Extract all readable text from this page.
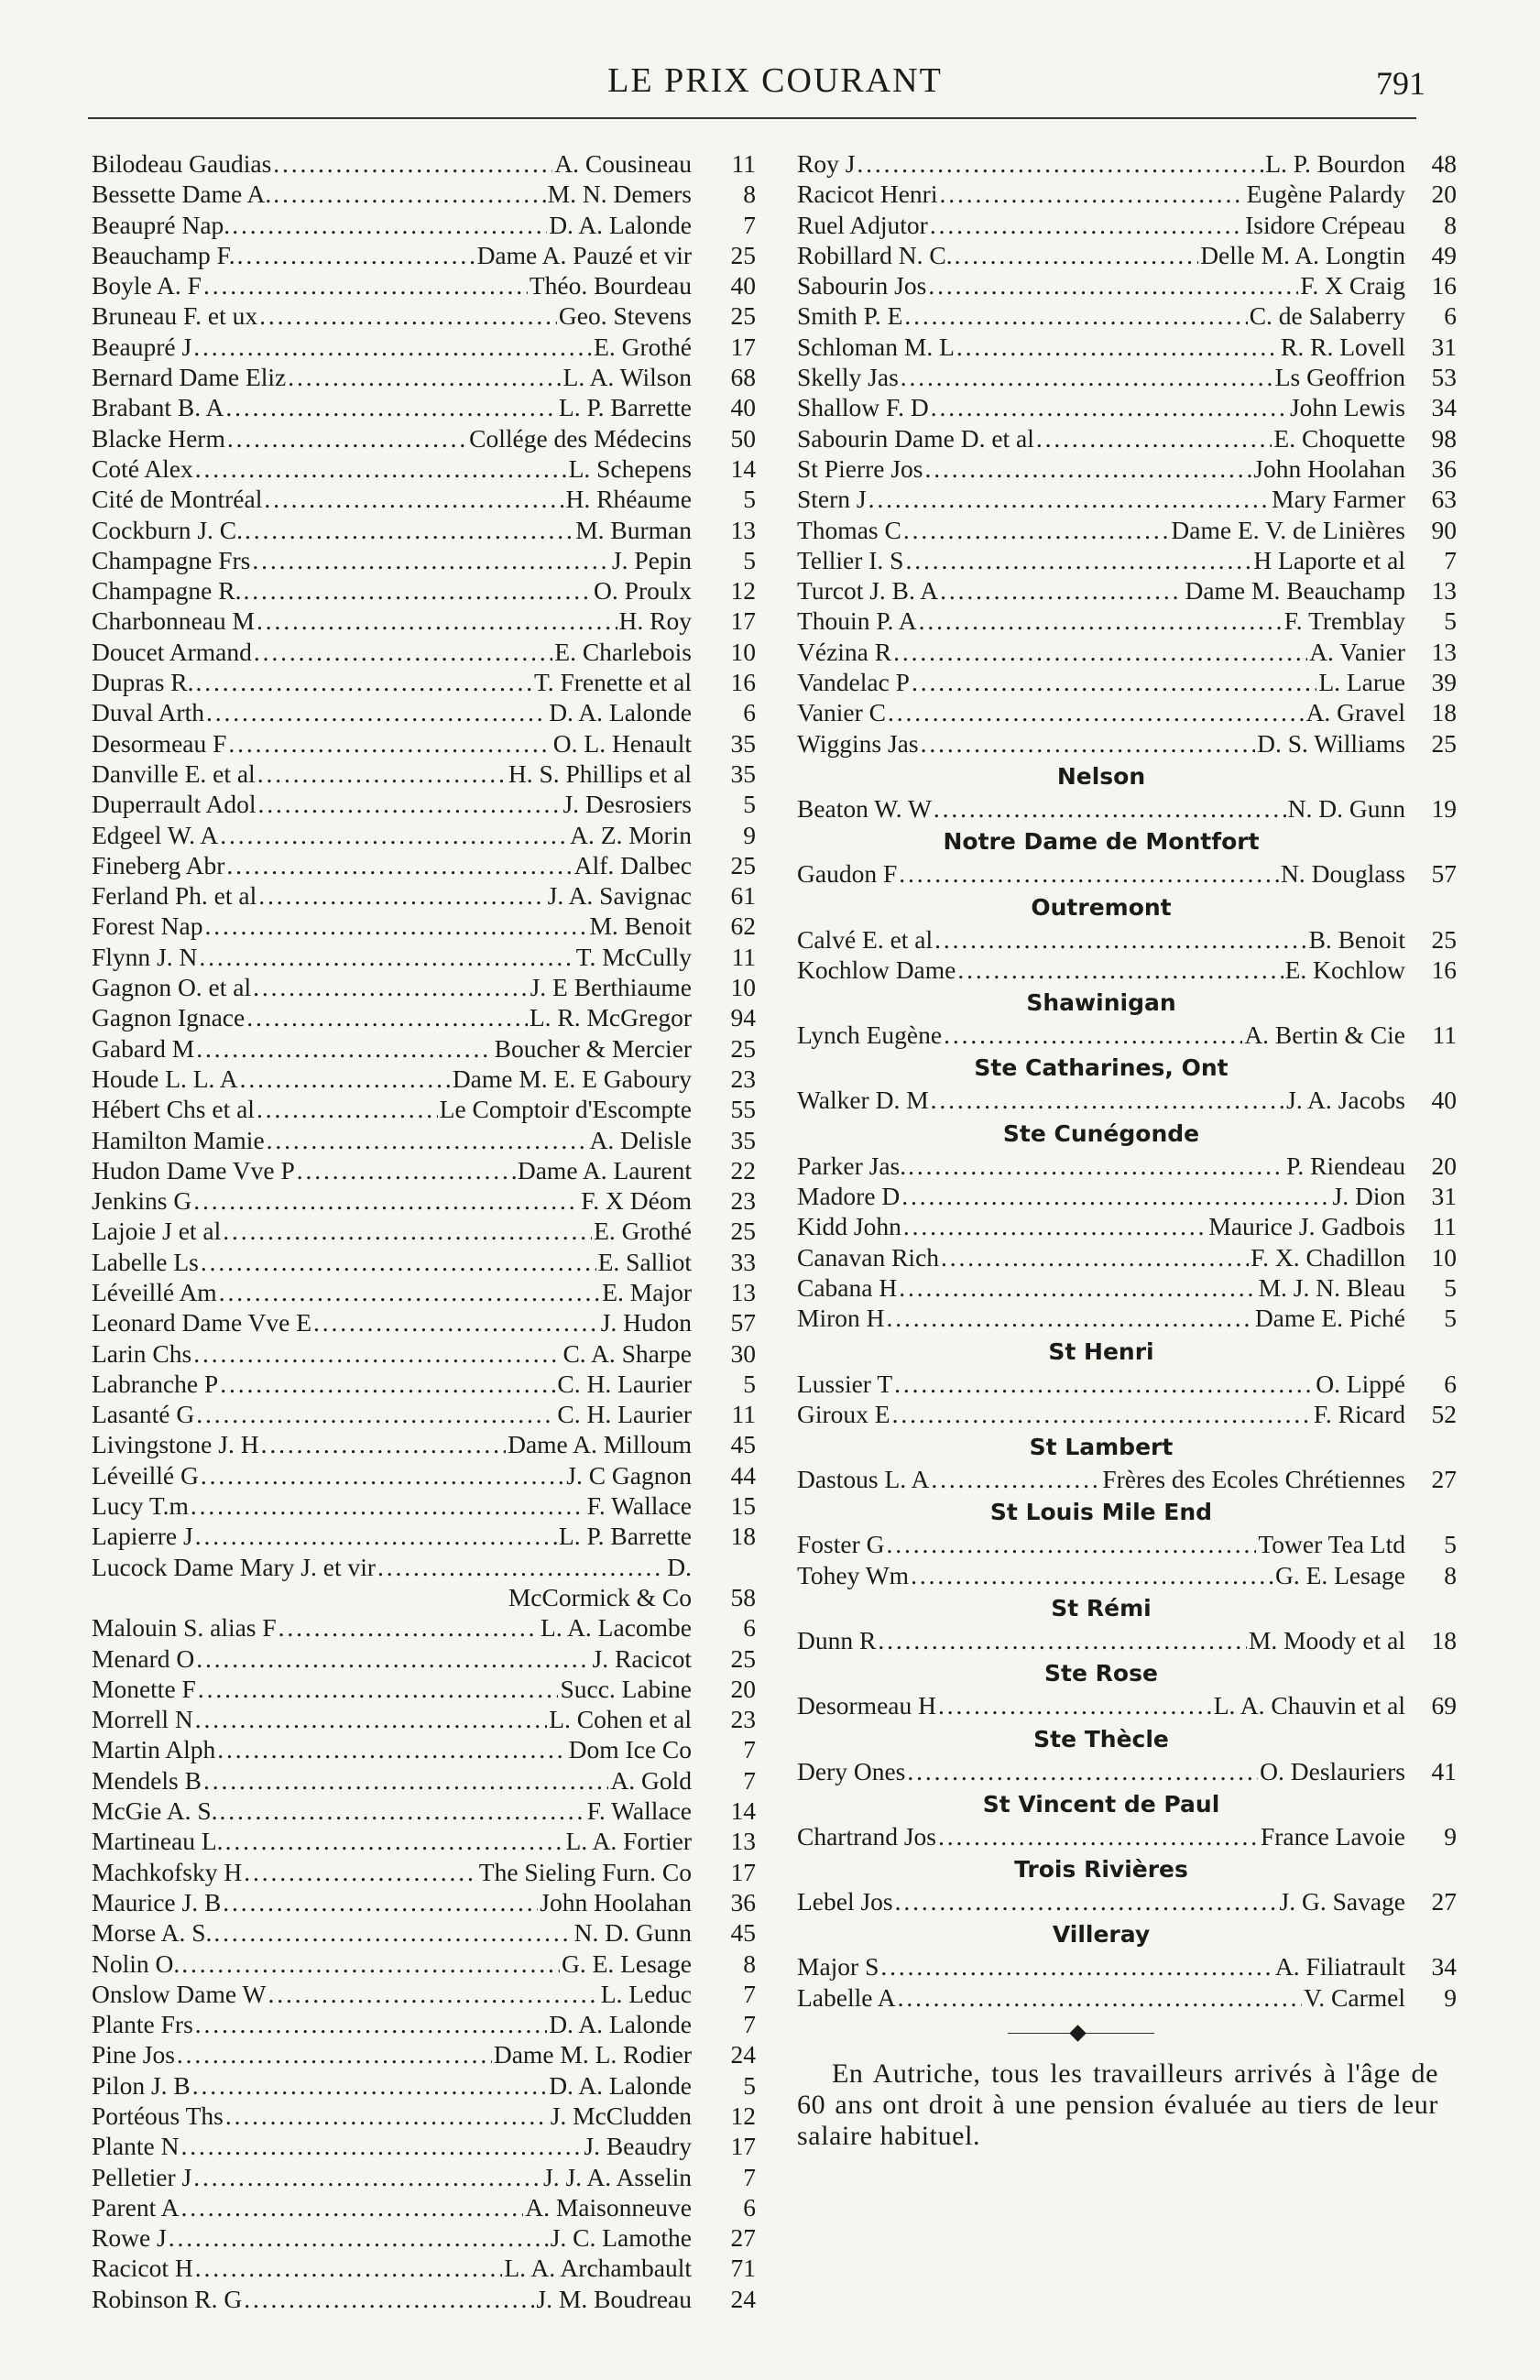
LE PRIX COURANT	791
Bilodeau Gaudias . . .	A. Cousineau	11
Bessette Dame A. . . .	M. N. Demers	8
Beaupré Nap. . . .	D. A. Lalonde	7
Beauchamp F. . . .	Dame A. Pauzé et vir	25
Boyle A. F . . .	Théo. Bourdeau	40
Bruneau F. et ux . . .	Geo. Stevens	25
Beaupré J . . .	E. Grothé	17
Bernard Dame Eliz . . .	L. A. Wilson	68
Brabant B. A . . .	L. P. Barrette	40
Blacke Herm . . .	Collége des Médecins	50
Coté Alex . . .	L. Schepens	14
Cité de Montréal . . .	H. Rhéaume	5
Cockburn J. C. . . .	M. Burman	13
Champagne Frs . . .	J. Pepin	5
Champagne R. . . .	O. Proulx	12
Charbonneau M . . .	H. Roy	17
Doucet Armand . . .	E. Charlebois	10
Dupras R. . . .	T. Frenette et al	16
Duval Arth . . .	D. A. Lalonde	6
Desormeau F . . .	O. L. Henault	35
Danville E. et al . . .	H. S. Phillips et al	35
Duperrault Adol . . .	J. Desrosiers	5
Edgeel W. A . . .	A. Z. Morin	9
Fineberg Abr . . .	Alf. Dalbec	25
Ferland Ph. et al . . .	J. A. Savignac	61
Forest Nap . . .	M. Benoit	62
Flynn J. N . . .	T. McCully	11
Gagnon O. et al . . .	J. E Berthiaume	10
Gagnon Ignace . . .	L. R. McGregor	94
Gabard M . . .	Boucher & Mercier	25
Houde L. L. A . . .	Dame M. E. E Gaboury	23
Hébert Chs et al . . .	Le Comptoir d'Escompte	55
Hamilton Mamie . . .	A. Delisle	35
Hudon Dame Vve P . . .	Dame A. Laurent	22
Jenkins G . . .	F. X Déom	23
Lajoie J et al . . .	E. Grothé	25
Labelle Ls . . .	E. Salliot	33
Léveillé Am . . .	E. Major	13
Leonard Dame Vve E . . .	J. Hudon	57
Larin Chs . . .	C. A. Sharpe	30
Labranche P . . .	C. H. Laurier	5
Lasanté G . . .	C. H. Laurier	11
Livingstone J. H . . .	Dame A. Milloum	45
Léveillé G . . .	J. C Gagnon	44
Lucy T.m . . .	F. Wallace	15
Lapierre J . . .	L. P. Barrette	18
Lucock Dame Mary J. et vir . . .	D.
McCormick & Co	58
Malouin S. alias F . . .	L. A. Lacombe	6
Menard O . . .	J. Racicot	25
Monette F . . .	Succ. Labine	20
Morrell N . . .	L. Cohen et al	23
Martin Alph . . .	Dom Ice Co	7
Mendels B . . .	A. Gold	7
McGie A. S. . . .	F. Wallace	14
Martineau L. . . .	L. A. Fortier	13
Machkofsky H . . .	The Sieling Furn. Co	17
Maurice J. B . . .	John Hoolahan	36
Morse A. S. . . .	N. D. Gunn	45
Nolin O. . . .	G. E. Lesage	8
Onslow Dame W . . .	L. Leduc	7
Plante Frs . . .	D. A. Lalonde	7
Pine Jos . . .	Dame M. L. Rodier	24
Pilon J. B . . .	D. A. Lalonde	5
Portéous Ths . . .	J. McCludden	12
Plante N . . .	J. Beaudry	17
Pelletier J . . .	J. J. A. Asselin	7
Parent A . . .	A. Maisonneuve	6
Rowe J . . .	J. C. Lamothe	27
Racicot H . . .	L. A. Archambault	71
Robinson R. G . . .	J. M. Boudreau	24
Roy J . . .	L. P. Bourdon	48
Racicot Henri . . .	Eugène Palardy	20
Ruel Adjutor . . .	Isidore Crépeau	8
Robillard N. C. . . .	Delle M. A. Longtin	49
Sabourin Jos . . .	F. X Craig	16
Smith P. E . . .	C. de Salaberry	6
Schloman M. L . . .	R. R. Lovell	31
Skelly Jas . . .	Ls Geoffrion	53
Shallow F. D . . .	John Lewis	34
Sabourin Dame D. et al . . .	E. Choquette	98
St Pierre Jos . . .	John Hoolahan	36
Stern J . . .	Mary Farmer	63
Thomas C . . .	Dame E. V. de Linières	90
Tellier I. S . . .	H Laporte et al	7
Turcot J. B. A . . .	Dame M. Beauchamp	13
Thouin P. A . . .	F. Tremblay	5
Vézina R . . .	A. Vanier	13
Vandelac P . . .	L. Larue	39
Vanier C . . .	A. Gravel	18
Wiggins Jas . . .	D. S. Williams	25
Nelson
Beaton W. W . . .	N. D. Gunn	19
Notre Dame de Montfort
Gaudon F . . .	N. Douglass	57
Outremont
Calvé E. et al . . .	B. Benoit	25
Kochlow Dame . . .	E. Kochlow	16
Shawinigan
Lynch Eugène . . .	A. Bertin & Cie	11
Ste Catharines, Ont
Walker D. M . . .	J. A. Jacobs	40
Ste Cunégonde
Parker Jas. . . .	P. Riendeau	20
Madore D . . .	J. Dion	31
Kidd John . . .	Maurice J. Gadbois	11
Canavan Rich . . .	F. X. Chadillon	10
Cabana H . . .	M. J. N. Bleau	5
Miron H . . .	Dame E. Piché	5
St Henri
Lussier T . . .	O. Lippé	6
Giroux E . . .	F. Ricard	52
St Lambert
Dastous L. A . . .	Frères des Ecoles Chrétiennes	27
St Louis Mile End
Foster G . . .	Tower Tea Ltd	5
Tohey Wm . . .	G. E. Lesage	8
St Rémi
Dunn R . . .	M. Moody et al	18
Ste Rose
Desormeau H . . .	L. A. Chauvin et al	69
Ste Thècle
Dery Ones . . .	O. Deslauriers	41
St Vincent de Paul
Chartrand Jos . . .	France Lavoie	9
Trois Rivières
Lebel Jos . . .	J. G. Savage	27
Villeray
Major S . . .	A. Filiatrault	34
Labelle A . . .	V. Carmel	9
En Autriche, tous les travailleurs arrivés à l'âge de 60 ans ont droit à une pension évaluée au tiers de leur salaire habituel.
